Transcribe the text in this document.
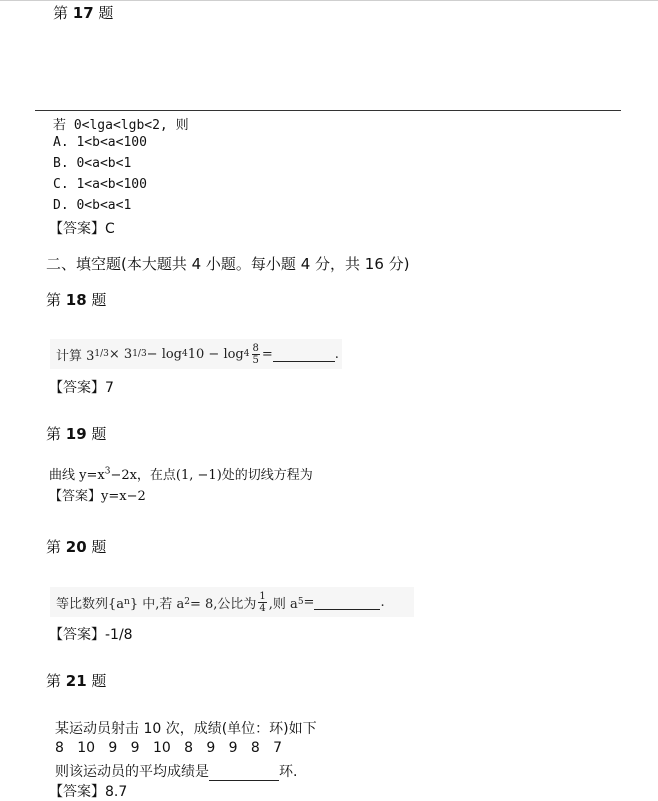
第 17 题
若 0<lga<lgb<2, 则
A. 1<b<a<100
B. 0<a<b<1
C. 1<a<b<100
D. 0<b<a<1
【答案】C
二、填空题(本大题共 4 小题。每小题 4 分，共 16 分)
第 18 题
计算 3 1/3 × 3 1/3 − log 4 $10 - \log 4 \frac{8}{5}$ =	.
【答案】7
第 19 题
曲线 $y=x^3-2x$，在点(1, −1)处的切线方程为
【答案】y=x−2
第 20 题
等比数列{a n } 中,若 a 2 = 8,公比为 $\frac{1}{4}$ ,则 a 5 =	.
【答案】-1/8
第 21 题
某运动员射击 10 次，成绩(单位：环)如下
8   10   9   9   10   8   9   9   8   7
则该运动员的平均成绩是	环.
【答案】8.7
